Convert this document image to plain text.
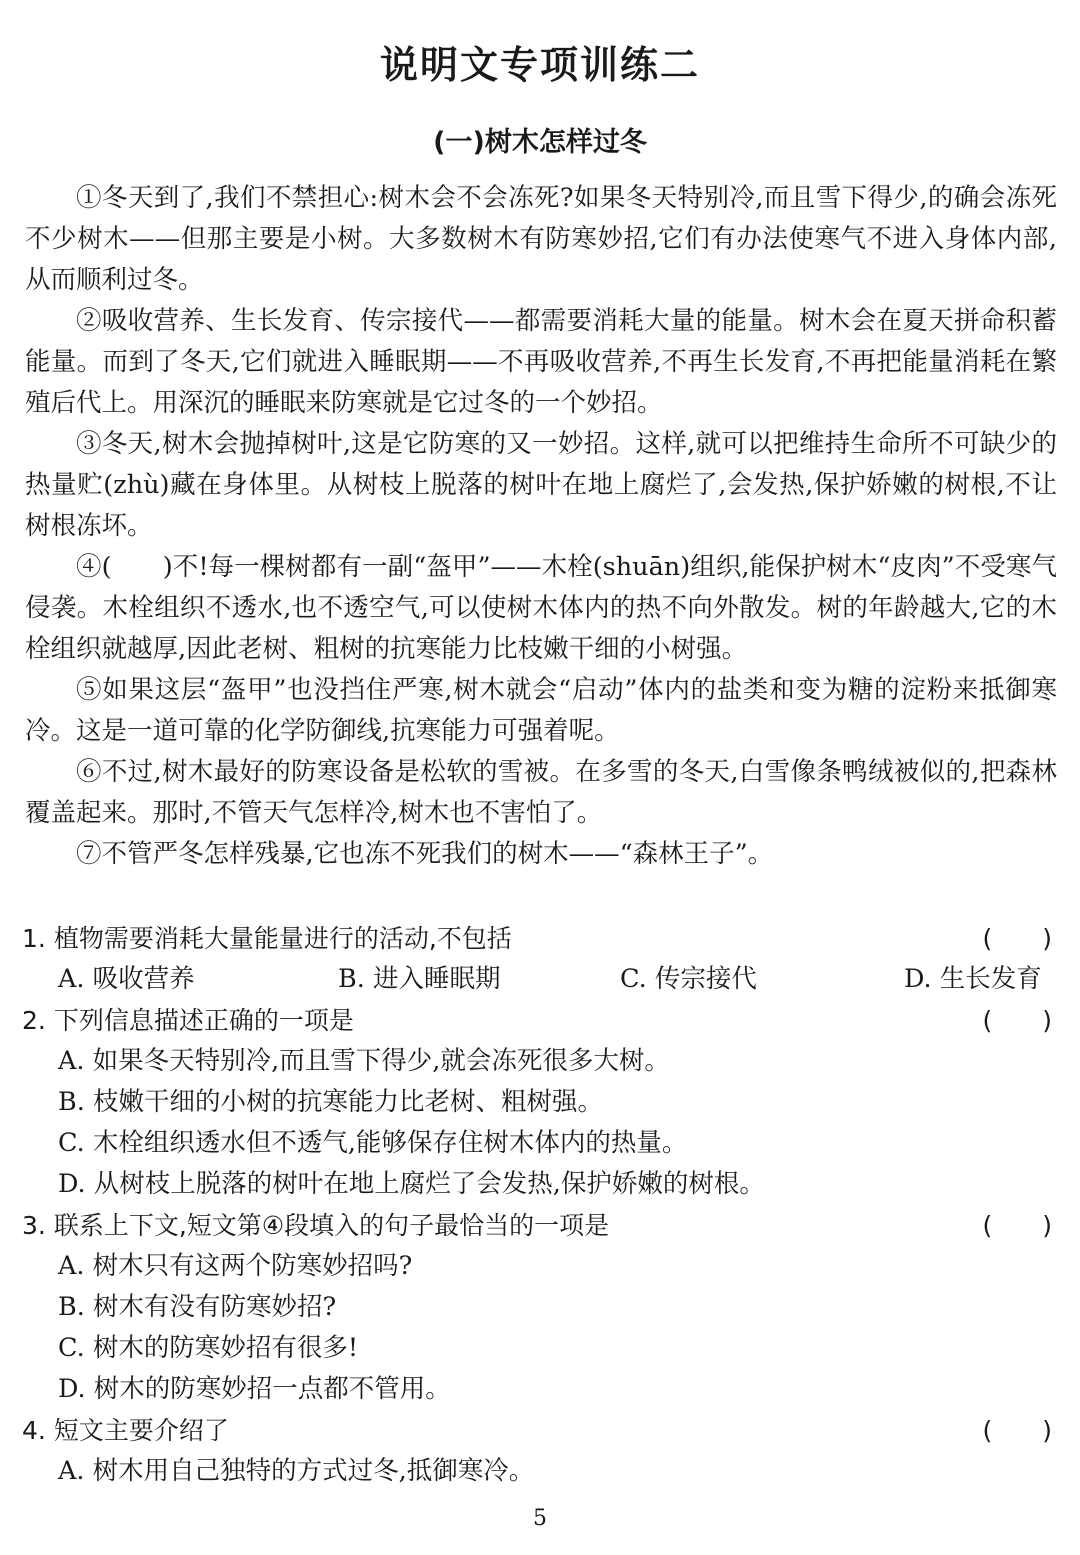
说明文专项训练二
(一)树木怎样过冬

①冬天到了,我们不禁担心:树木会不会冻死?如果冬天特别冷,而且雪下得少,的确会冻死不少树木——但那主要是小树。大多数树木有防寒妙招,它们有办法使寒气不进入身体内部,从而顺利过冬。

②吸收营养、生长发育、传宗接代——都需要消耗大量的能量。树木会在夏天拼命积蓄能量。而到了冬天,它们就进入睡眠期——不再吸收营养,不再生长发育,不再把能量消耗在繁殖后代上。用深沉的睡眠来防寒就是它过冬的一个妙招。

③冬天,树木会抛掉树叶,这是它防寒的又一妙招。这样,就可以把维持生命所不可缺少的热量贮(zhù)藏在身体里。从树枝上脱落的树叶在地上腐烂了,会发热,保护娇嫩的树根,不让树根冻坏。

④(　　)不!每一棵树都有一副“盔甲”——木栓(shuān)组织,能保护树木“皮肉”不受寒气侵袭。木栓组织不透水,也不透空气,可以使树木体内的热不向外散发。树的年龄越大,它的木栓组织就越厚,因此老树、粗树的抗寒能力比枝嫩干细的小树强。

⑤如果这层“盔甲”也没挡住严寒,树木就会“启动”体内的盐类和变为糖的淀粉来抵御寒冷。这是一道可靠的化学防御线,抗寒能力可强着呢。

⑥不过,树木最好的防寒设备是松软的雪被。在多雪的冬天,白雪像条鸭绒被似的,把森林覆盖起来。那时,不管天气怎样冷,树木也不害怕了。

⑦不管严冬怎样残暴,它也冻不死我们的树木——“森林王子”。

1. 植物需要消耗大量能量进行的活动,不包括	(　　)
A. 吸收营养	B. 进入睡眠期	C. 传宗接代	D. 生长发育
2. 下列信息描述正确的一项是	(　　)
A. 如果冬天特别冷,而且雪下得少,就会冻死很多大树。
B. 枝嫩干细的小树的抗寒能力比老树、粗树强。
C. 木栓组织透水但不透气,能够保存住树木体内的热量。
D. 从树枝上脱落的树叶在地上腐烂了会发热,保护娇嫩的树根。
3. 联系上下文,短文第④段填入的句子最恰当的一项是	(　　)
A. 树木只有这两个防寒妙招吗?
B. 树木有没有防寒妙招?
C. 树木的防寒妙招有很多!
D. 树木的防寒妙招一点都不管用。
4. 短文主要介绍了	(　　)
A. 树木用自己独特的方式过冬,抵御寒冷。
5
